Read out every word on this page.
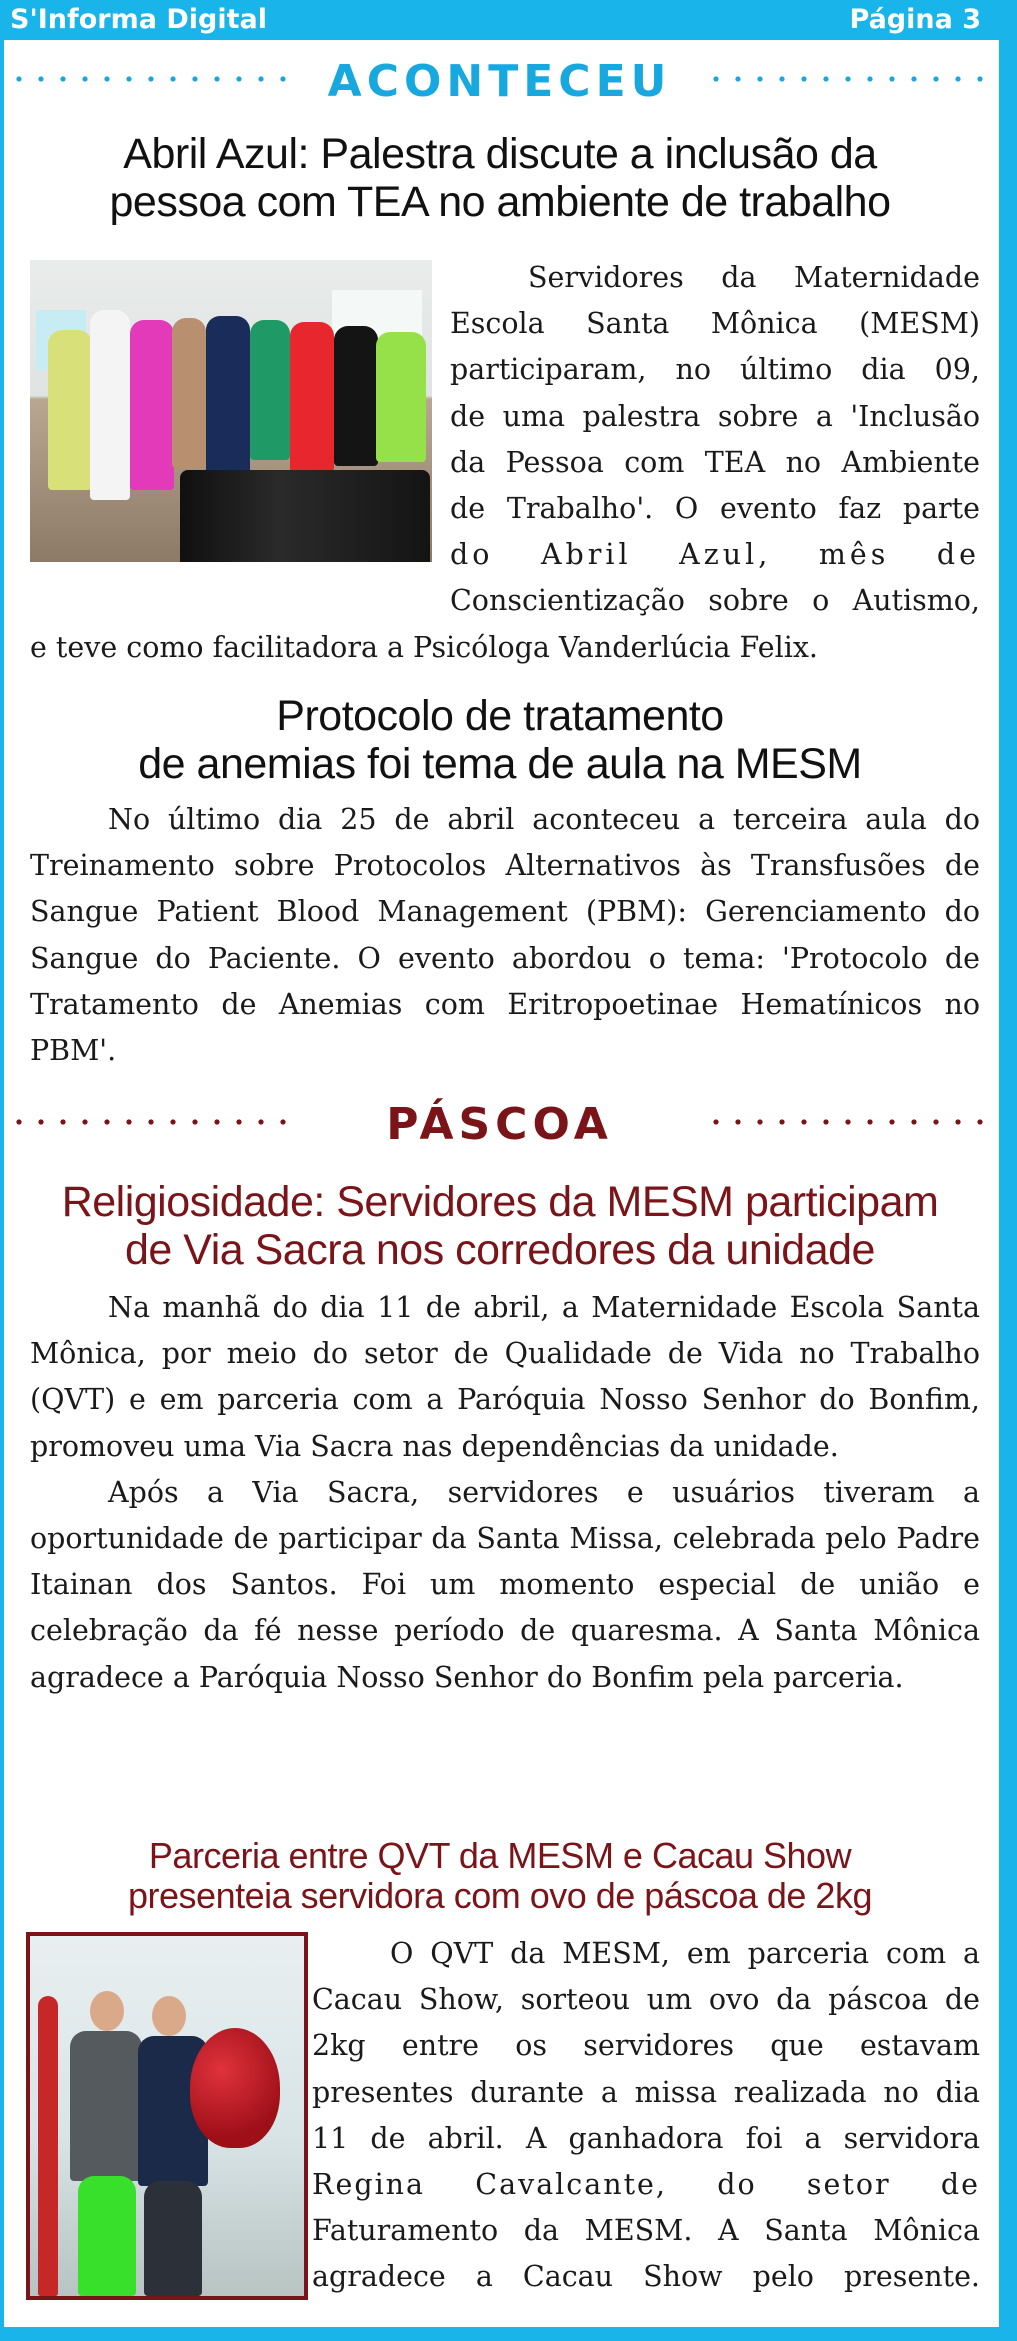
S'Informa Digital	Página 3
ACONTECEU
Abril Azul: Palestra discute a inclusão da
pessoa com TEA no ambiente de trabalho
Servidores da Maternidade
Escola Santa Mônica (MESM)
participaram, no último dia 09,
de uma palestra sobre a 'Inclusão
da Pessoa com TEA no Ambiente
de Trabalho'. O evento faz parte
do Abril Azul, mês de
Conscientização sobre o Autismo,
e teve como facilitadora a Psicóloga Vanderlúcia Felix.
Protocolo de tratamento
de anemias foi tema de aula na MESM

No último dia 25 de abril aconteceu a terceira aula do Treinamento sobre Protocolos Alternativos às Transfusões de Sangue Patient Blood Management (PBM): Gerenciamento do Sangue do Paciente. O evento abordou o tema: 'Protocolo de Tratamento de Anemias com Eritropoetinae Hematínicos no PBM'.

PÁSCOA
Religiosidade: Servidores da MESM participam
de Via Sacra nos corredores da unidade

Na manhã do dia 11 de abril, a Maternidade Escola Santa Mônica, por meio do setor de Qualidade de Vida no Trabalho (QVT) e em parceria com a Paróquia Nosso Senhor do Bonfim, promoveu uma Via Sacra nas dependências da unidade.

Após a Via Sacra, servidores e usuários tiveram a oportunidade de participar da Santa Missa, celebrada pelo Padre Itainan dos Santos. Foi um momento especial de união e celebração da fé nesse período de quaresma. A Santa Mônica agradece a Paróquia Nosso Senhor do Bonfim pela parceria.

Parceria entre QVT da MESM e Cacau Show
presenteia servidora com ovo de páscoa de 2kg
O QVT da MESM, em parceria com a
Cacau Show, sorteou um ovo da páscoa de
2kg entre os servidores que estavam
presentes durante a missa realizada no dia
11 de abril. A ganhadora foi a servidora
Regina Cavalcante, do setor de
Faturamento da MESM. A Santa Mônica
agradece a Cacau Show pelo presente.
